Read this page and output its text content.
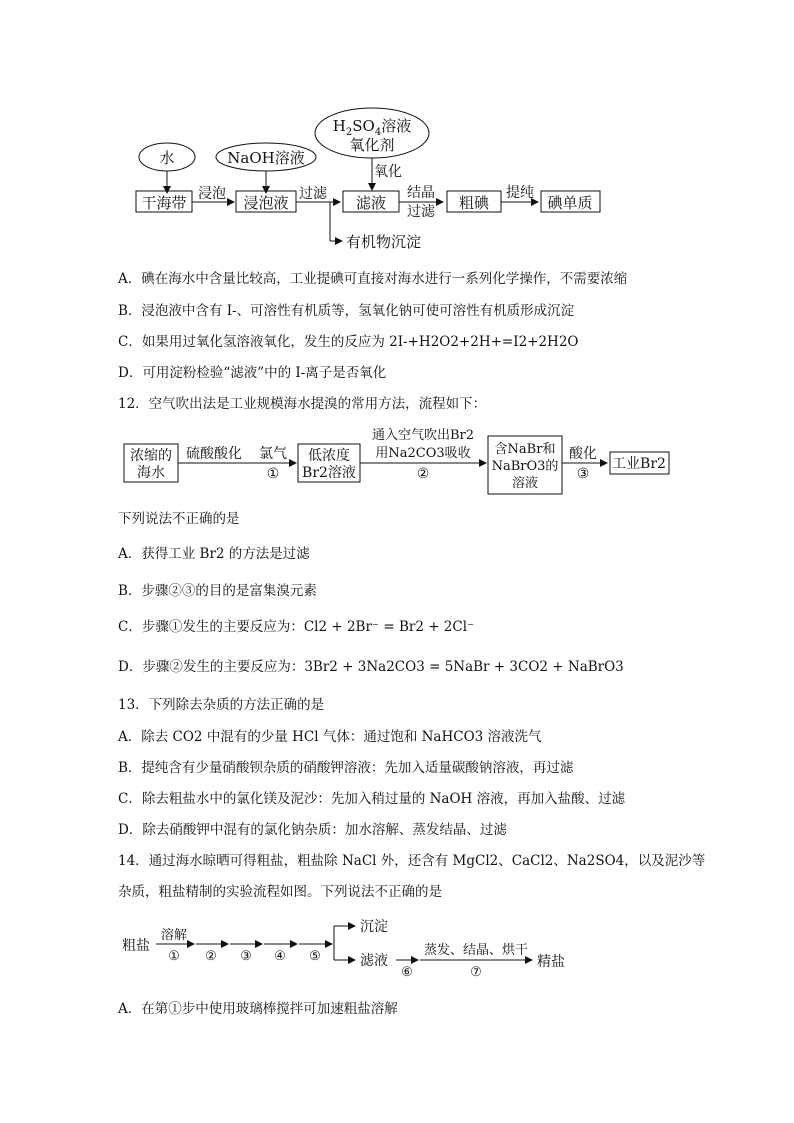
水	NaOH溶液
$H_2SO_4$溶液
氧化剂
氧化
干海带 浸泡 浸泡液 过滤
有机物沉淀
滤液
结晶
过滤 粗碘
提纯
碘单质
A．碘在海水中含量比较高，工业提碘可直接对海水进行一系列化学操作，不需要浓缩
B．浸泡液中含有 I-、可溶性有机质等，氢氧化钠可使可溶性有机质形成沉淀
C．如果用过氧化氢溶液氧化，发生的反应为 2I-+H2O2+2H+=I2+2H2O
D．可用淀粉检验“滤液”中的 I-离子是否氧化
12．空气吹出法是工业规模海水提溴的常用方法，流程如下：
浓缩的
海水
硫酸酸化 氯气
①
低浓度
Br2溶液
通入空气吹出Br2
用Na2CO3吸收
②
含NaBr和
NaBrO3的
溶液
酸化
③
工业Br2
下列说法不正确的是
A．获得工业 Br2 的方法是过滤
B．步骤②③的目的是富集溴元素
C．步骤①发生的主要反应为：Cl2 + 2Br⁻ = Br2 + 2Cl⁻
D．步骤②发生的主要反应为：3Br2 + 3Na2CO3 = 5NaBr + 3CO2 + NaBrO3
13．下列除去杂质的方法正确的是
A．除去 CO2 中混有的少量 HCl 气体：通过饱和 NaHCO3 溶液洗气
B．提纯含有少量硝酸钡杂质的硝酸钾溶液：先加入适量碳酸钠溶液，再过滤
C．除去粗盐水中的氯化镁及泥沙：先加入稍过量的 NaOH 溶液，再加入盐酸、过滤
D．除去硝酸钾中混有的氯化钠杂质：加水溶解、蒸发结晶、过滤
14．通过海水晾晒可得粗盐，粗盐除 NaCl 外，还含有 MgCl2、CaCl2、Na2SO4，以及泥沙等
杂质，粗盐精制的实验流程如图。下列说法不正确的是
粗盐
溶解
① ② ③ ④ ⑤
沉淀
滤液
⑥
蒸发、结晶、烘干
⑦
精盐
A．在第①步中使用玻璃棒搅拌可加速粗盐溶解
